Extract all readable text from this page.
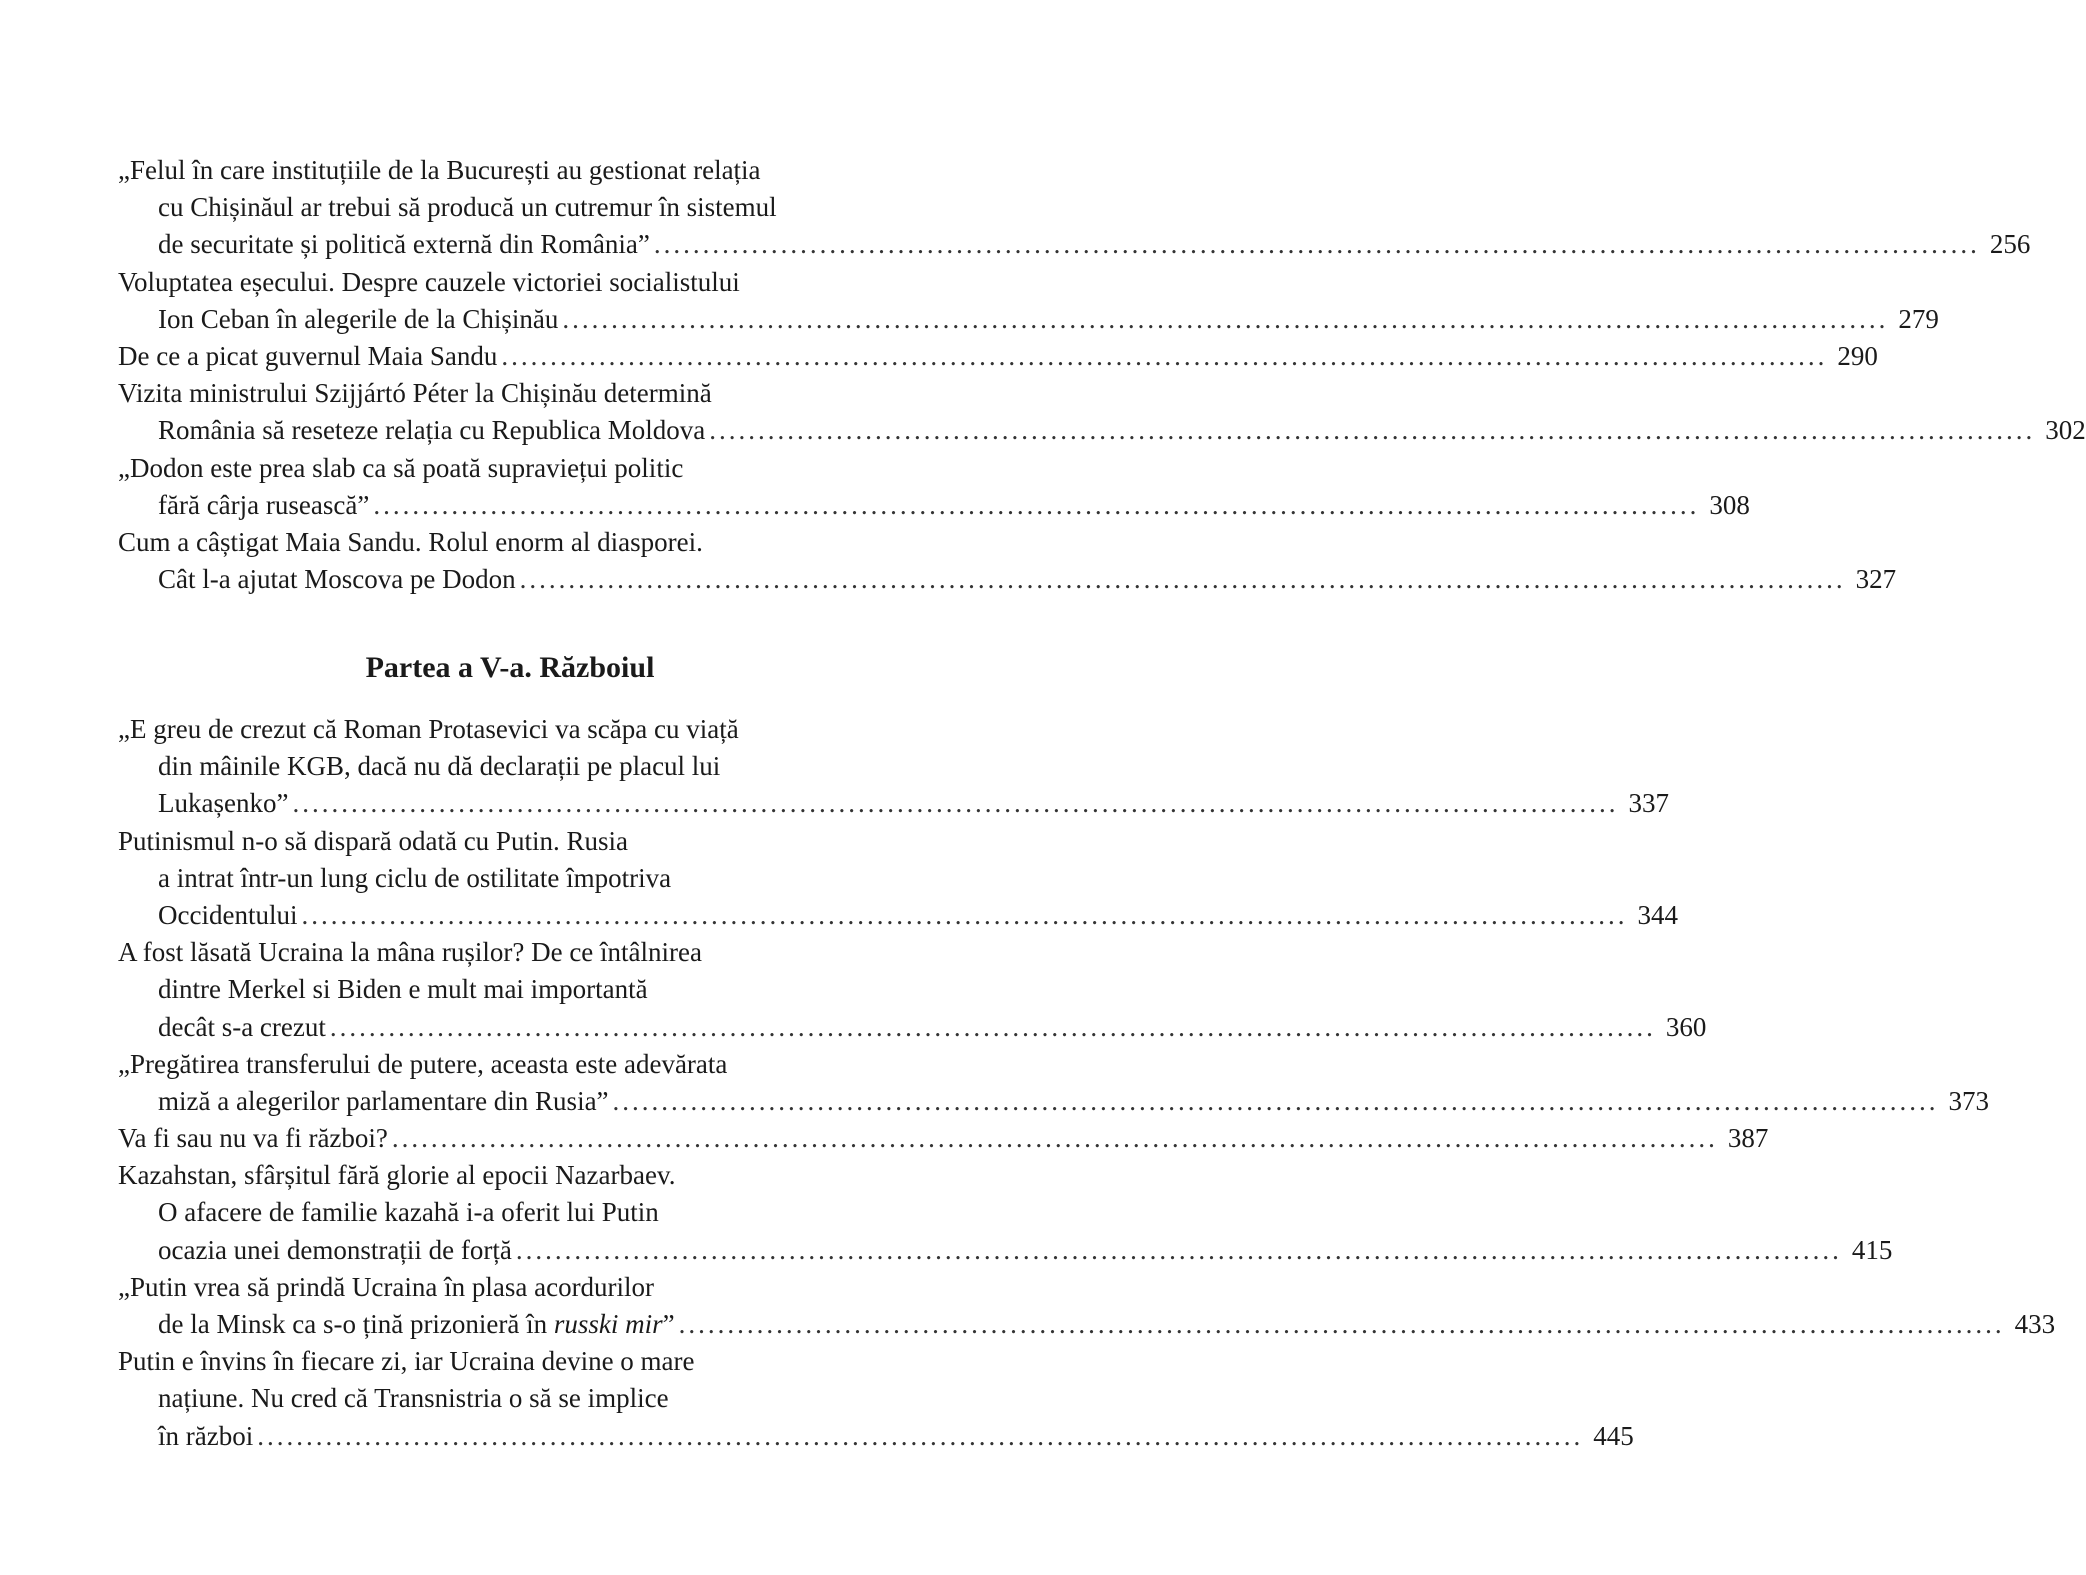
„Felul în care instituțiile de la București au gestionat relația
cu Chișinăul ar trebui să producă un cutremur în sistemul
de securitate și politică externă din România” ........................................................................................................................................ 256
Voluptatea eșecului. Despre cauzele victoriei socialistului
Ion Ceban în alegerile de la Chișinău ........................................................................................................................................ 279
De ce a picat guvernul Maia Sandu ........................................................................................................................................ 290
Vizita ministrului Szijjártó Péter la Chișinău determină
România să reseteze relația cu Republica Moldova ........................................................................................................................................ 302
„Dodon este prea slab ca să poată supraviețui politic
fără cârja rusească” ........................................................................................................................................ 308
Cum a câștigat Maia Sandu. Rolul enorm al diasporei.
Cât l-a ajutat Moscova pe Dodon ........................................................................................................................................ 327
Partea a V-a. Războiul
„E greu de crezut că Roman Protasevici va scăpa cu viață
din mâinile KGB, dacă nu dă declarații pe placul lui
Lukașenko” ........................................................................................................................................ 337
Putinismul n-o să dispară odată cu Putin. Rusia
a intrat într-un lung ciclu de ostilitate împotriva
Occidentului ........................................................................................................................................ 344
A fost lăsată Ucraina la mâna rușilor? De ce întâlnirea
dintre Merkel si Biden e mult mai importantă
decât s-a crezut ........................................................................................................................................ 360
„Pregătirea transferului de putere, aceasta este adevărata
miză a alegerilor parlamentare din Rusia” ........................................................................................................................................ 373
Va fi sau nu va fi război? ........................................................................................................................................ 387
Kazahstan, sfârșitul fără glorie al epocii Nazarbaev.
O afacere de familie kazahă i-a oferit lui Putin
ocazia unei demonstrații de forță ........................................................................................................................................ 415
„Putin vrea să prindă Ucraina în plasa acordurilor
de la Minsk ca s-o țină prizonieră în russki mir” ........................................................................................................................................ 433
Putin e învins în fiecare zi, iar Ucraina devine o mare
națiune. Nu cred că Transnistria o să se implice
în război ........................................................................................................................................ 445
